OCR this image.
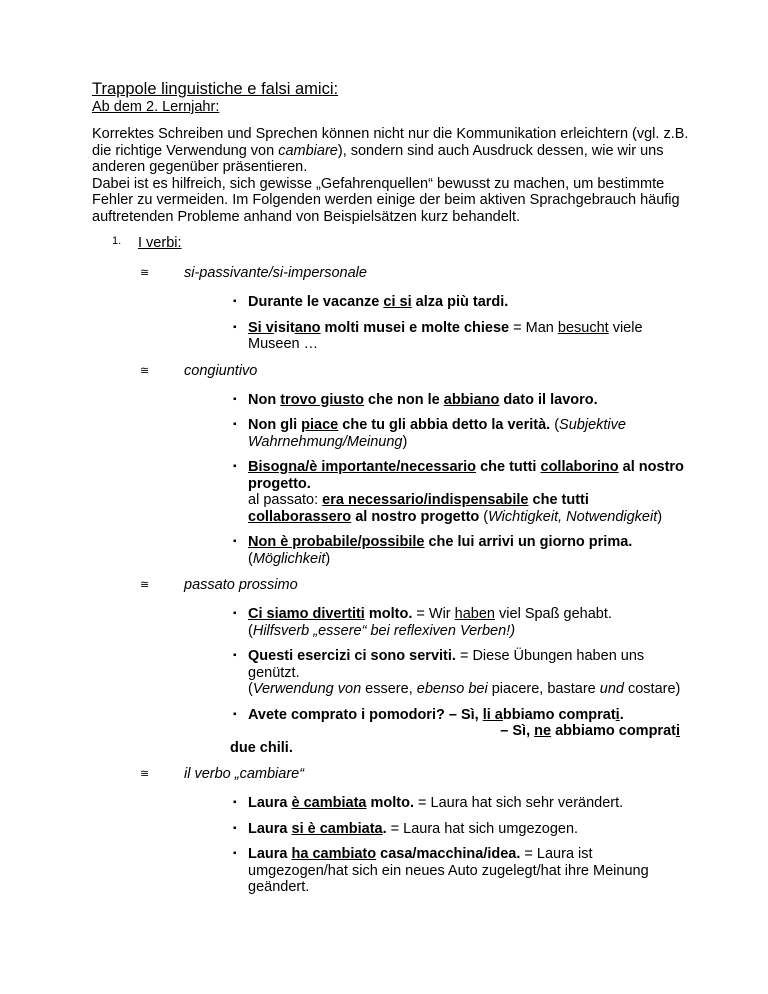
Trappole linguistiche e falsi amici:

Ab dem 2. Lernjahr:

Korrektes Schreiben und Sprechen können nicht nur die Kommunikation erleichtern (vgl. z.B. die richtige Verwendung von cambiare), sondern sind auch Ausdruck dessen, wie wir uns anderen gegenüber präsentieren.

Dabei ist es hilfreich, sich gewisse „Gefahrenquellen“ bewusst zu machen, um bestimmte Fehler zu vermeiden. Im Folgenden werden einige der beim aktiven Sprachgebrauch häufig auftretenden Probleme anhand von Beispielsätzen kurz behandelt.

1. I verbi:
≅ si-passivante/si-impersonale
▪ Durante le vacanze ci si alza più tardi.
▪ Si visitano molti musei e molte chiese = Man besucht viele Museen …
≅ congiuntivo
▪ Non trovo giusto che non le abbiano dato il lavoro.
▪ Non gli piace che tu gli abbia detto la verità. (Subjektive Wahrnehmung/Meinung)
▪ Bisogna/è importante/necessario che tutti collaborino al nostro progetto.
al passato: era necessario/indispensabile che tutti collaborassero al nostro progetto (Wichtigkeit, Notwendigkeit)
▪ Non è probabile/possibile che lui arrivi un giorno prima.
(Möglichkeit)
≅ passato prossimo
▪ Ci siamo divertiti molto. = Wir haben viel Spaß gehabt.
(Hilfsverb „essere“ bei reflexiven Verben!)
▪ Questi esercizi ci sono serviti. = Diese Übungen haben uns genützt.
(Verwendung von essere, ebenso bei piacere, bastare und costare)
▪ Avete comprato i pomodori? – Sì, li abbiamo comprati.
– Sì, ne abbiamo comprati
due chili.
≅ il verbo „cambiare“
▪ Laura è cambiata molto. = Laura hat sich sehr verändert.
▪ Laura si è cambiata. = Laura hat sich umgezogen.
▪ Laura ha cambiato casa/macchina/idea. = Laura ist umgezogen/hat sich ein neues Auto zugelegt/hat ihre Meinung geändert.
